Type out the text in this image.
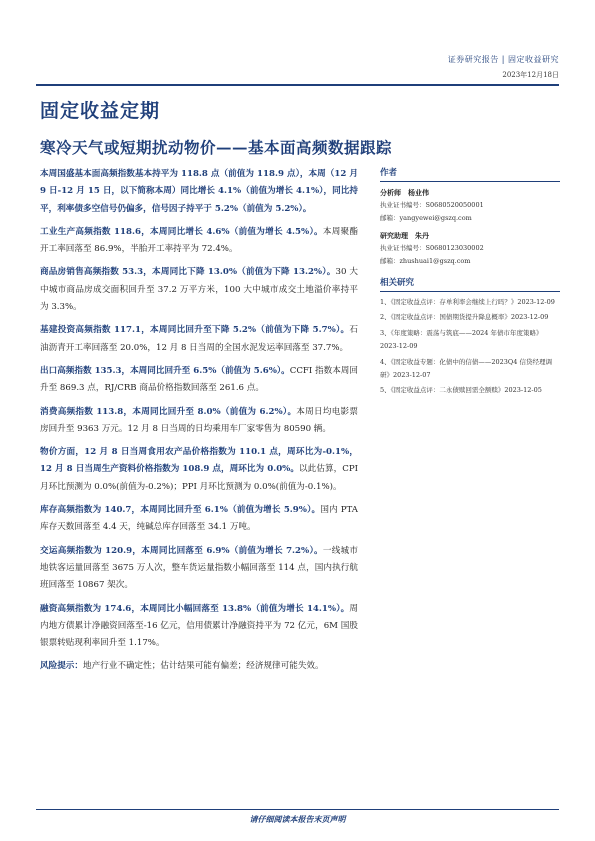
证券研究报告 | 固定收益研究
2023年12月18日
固定收益定期
寒冷天气或短期扰动物价——基本面高频数据跟踪

本周国盛基本面高频指数基本持平为 118.8 点（前值为 118.9 点），本周（12 月 9 日-12 月 15 日，以下简称本周）同比增长 4.1%（前值为增长 4.1%），同比持平，利率债多空信号仍偏多，信号因子持平于 5.2%（前值为 5.2%）。

工业生产高频指数 118.6，本周同比增长 4.6%（前值为增长 4.5%）。本周聚酯开工率回落至 86.9%，半胎开工率持平为 72.4%。

商品房销售高频指数 53.3，本周同比下降 13.0%（前值为下降 13.2%）。30 大中城市商品房成交面积回升至 37.2 万平方米，100 大中城市成交土地溢价率持平为 3.3%。

基建投资高频指数 117.1，本周同比回升至下降 5.2%（前值为下降 5.7%）。石油沥青开工率回落至 20.0%，12 月 8 日当周的全国水泥发运率回落至 37.7%。

出口高频指数 135.3，本周同比回升至 6.5%（前值为 5.6%）。CCFI 指数本周回升至 869.3 点，RJ/CRB 商品价格指数回落至 261.6 点。

消费高频指数 113.8，本周同比回升至 8.0%（前值为 6.2%）。本周日均电影票房回升至 9363 万元。12 月 8 日当周的日均乘用车厂家零售为 80590 辆。

物价方面，12 月 8 日当周食用农产品价格指数为 110.1 点，周环比为-0.1%，12 月 8 日当周生产资料价格指数为 108.9 点，周环比为 0.0%。以此估算，CPI 月环比预测为 0.0%(前值为-0.2%)；PPI 月环比预测为 0.0%(前值为-0.1%)。

库存高频指数为 140.7，本周同比回升至 6.1%（前值为增长 5.9%）。国内 PTA 库存天数回落至 4.4 天，纯碱总库存回落至 34.1 万吨。

交运高频指数为 120.9，本周同比回落至 6.9%（前值为增长 7.2%）。一线城市地铁客运量回落至 3675 万人次，整车货运量指数小幅回落至 114 点，国内执行航班回落至 10867 架次。

融资高频指数为 174.6，本周同比小幅回落至 13.8%（前值为增长 14.1%）。周内地方债累计净融资回落至-16 亿元，信用债累计净融资持平为 72 亿元，6M 国股银票转贴现利率回升至 1.17%。

风险提示：地产行业不确定性；估计结果可能有偏差；经济规律可能失效。

作者
分析师　杨业伟
执业证书编号：S0680520050001
邮箱：yangyewei@gszq.com
研究助理　朱丹
执业证书编号：S0680123030002
邮箱：zhushuai1@gszq.com
相关研究
1、《固定收益点评：存单利率会继续上行吗？》2023-12-09
2、《固定收益点评：国债期货提升降息概率》2023-12-09
3、《年度策略：震荡与筑底——2024 年债市年度策略》2023-12-09
4、《固定收益专题：化债中的信债——2023Q4 信贷经理调研》2023-12-07
5、《固定收益点评：二永债赎回需全额赎》2023-12-05
请仔细阅读本报告末页声明
